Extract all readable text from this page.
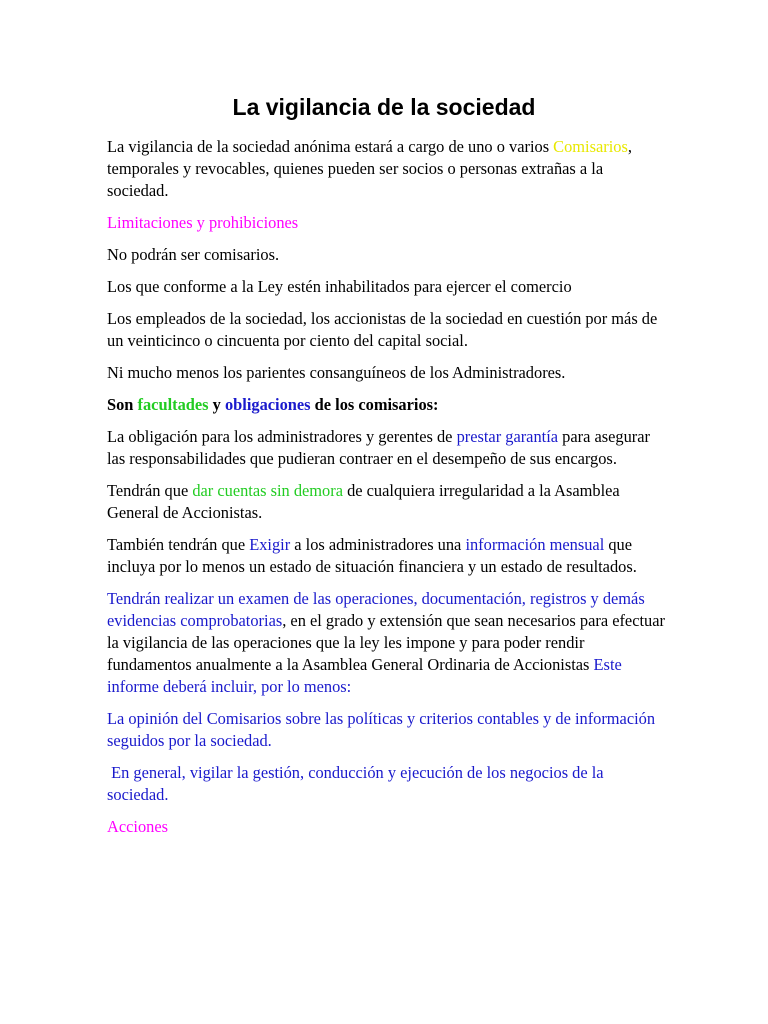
La vigilancia de la sociedad

La vigilancia de la sociedad anónima estará a cargo de uno o varios Comisarios, temporales y revocables, quienes pueden ser socios o personas extrañas a la sociedad.

Limitaciones y prohibiciones

No podrán ser comisarios.

Los que conforme a la Ley estén inhabilitados para ejercer el comercio

Los empleados de la sociedad, los accionistas de la sociedad en cuestión por más de un veinticinco o cincuenta por ciento del capital social.

Ni mucho menos los parientes consanguíneos de los Administradores.

Son facultades y obligaciones de los comisarios:

La obligación para los administradores y gerentes de prestar garantía para asegurar las responsabilidades que pudieran contraer en el desempeño de sus encargos.

Tendrán que dar cuentas sin demora de cualquiera irregularidad a la Asamblea General de Accionistas.

También tendrán que Exigir a los administradores una información mensual que incluya por lo menos un estado de situación financiera y un estado de resultados.

Tendrán realizar un examen de las operaciones, documentación, registros y demás evidencias comprobatorias, en el grado y extensión que sean necesarios para efectuar la vigilancia de las operaciones que la ley les impone y para poder rendir fundamentos anualmente a la Asamblea General Ordinaria de Accionistas Este informe deberá incluir, por lo menos:

La opinión del Comisarios sobre las políticas y criterios contables y de información seguidos por la sociedad.

En general, vigilar la gestión, conducción y ejecución de los negocios de la sociedad.

Acciones
